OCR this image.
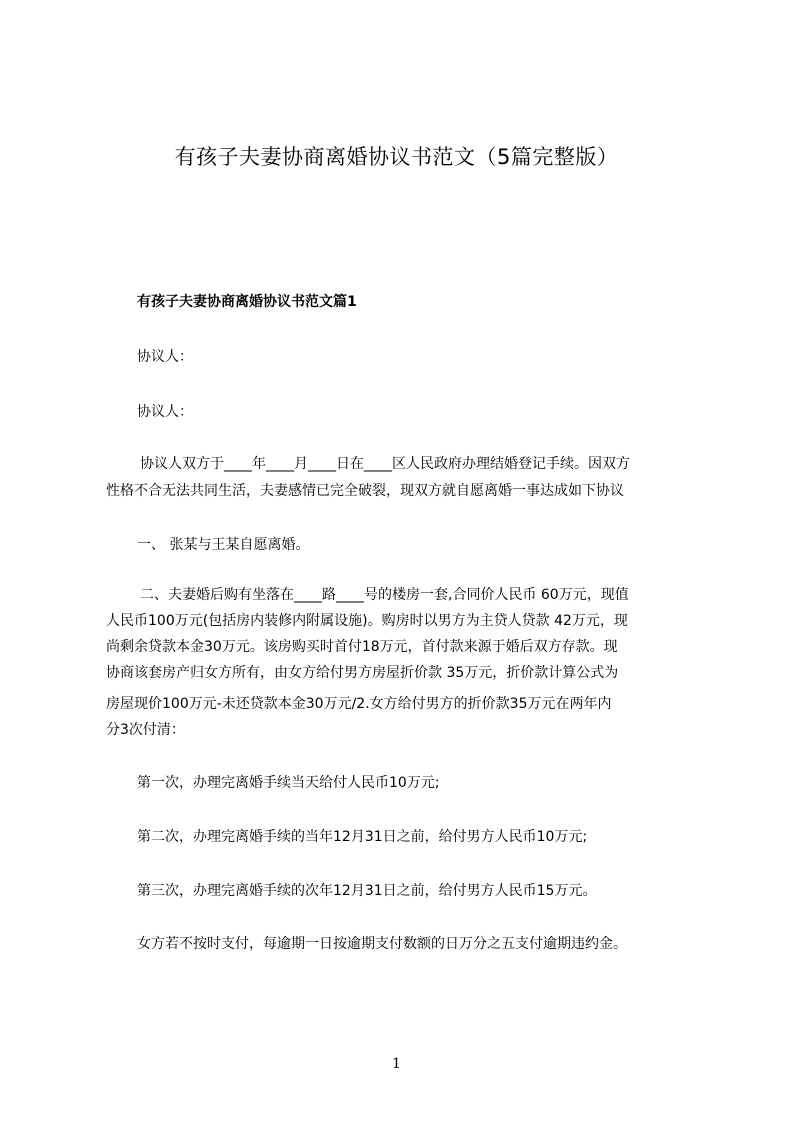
有孩子夫妻协商离婚协议书范文（5篇完整版）
有孩子夫妻协商离婚协议书范文篇1
协议人：
协议人：
协议人双方于____年____月____日在____区人民政府办理结婚登记手续。因双方
性格不合无法共同生活，夫妻感情已完全破裂，现双方就自愿离婚一事达成如下协议
一、 张某与王某自愿离婚。
二、夫妻婚后购有坐落在____路____号的楼房一套,合同价人民币 60万元，现值
人民币100万元(包括房内装修内附属设施)。购房时以男方为主贷人贷款 42万元，现
尚剩余贷款本金30万元。该房购买时首付18万元，首付款来源于婚后双方存款。现
协商该套房产归女方所有，由女方给付男方房屋折价款 35万元，折价款计算公式为
房屋现价100万元-未还贷款本金30万元/2.女方给付男方的折价款35万元在两年内
分3次付清：
第一次，办理完离婚手续当天给付人民币10万元;
第二次，办理完离婚手续的当年12月31日之前，给付男方人民币10万元;
第三次，办理完离婚手续的次年12月31日之前，给付男方人民币15万元。
女方若不按时支付，每逾期一日按逾期支付数额的日万分之五支付逾期违约金。
1
